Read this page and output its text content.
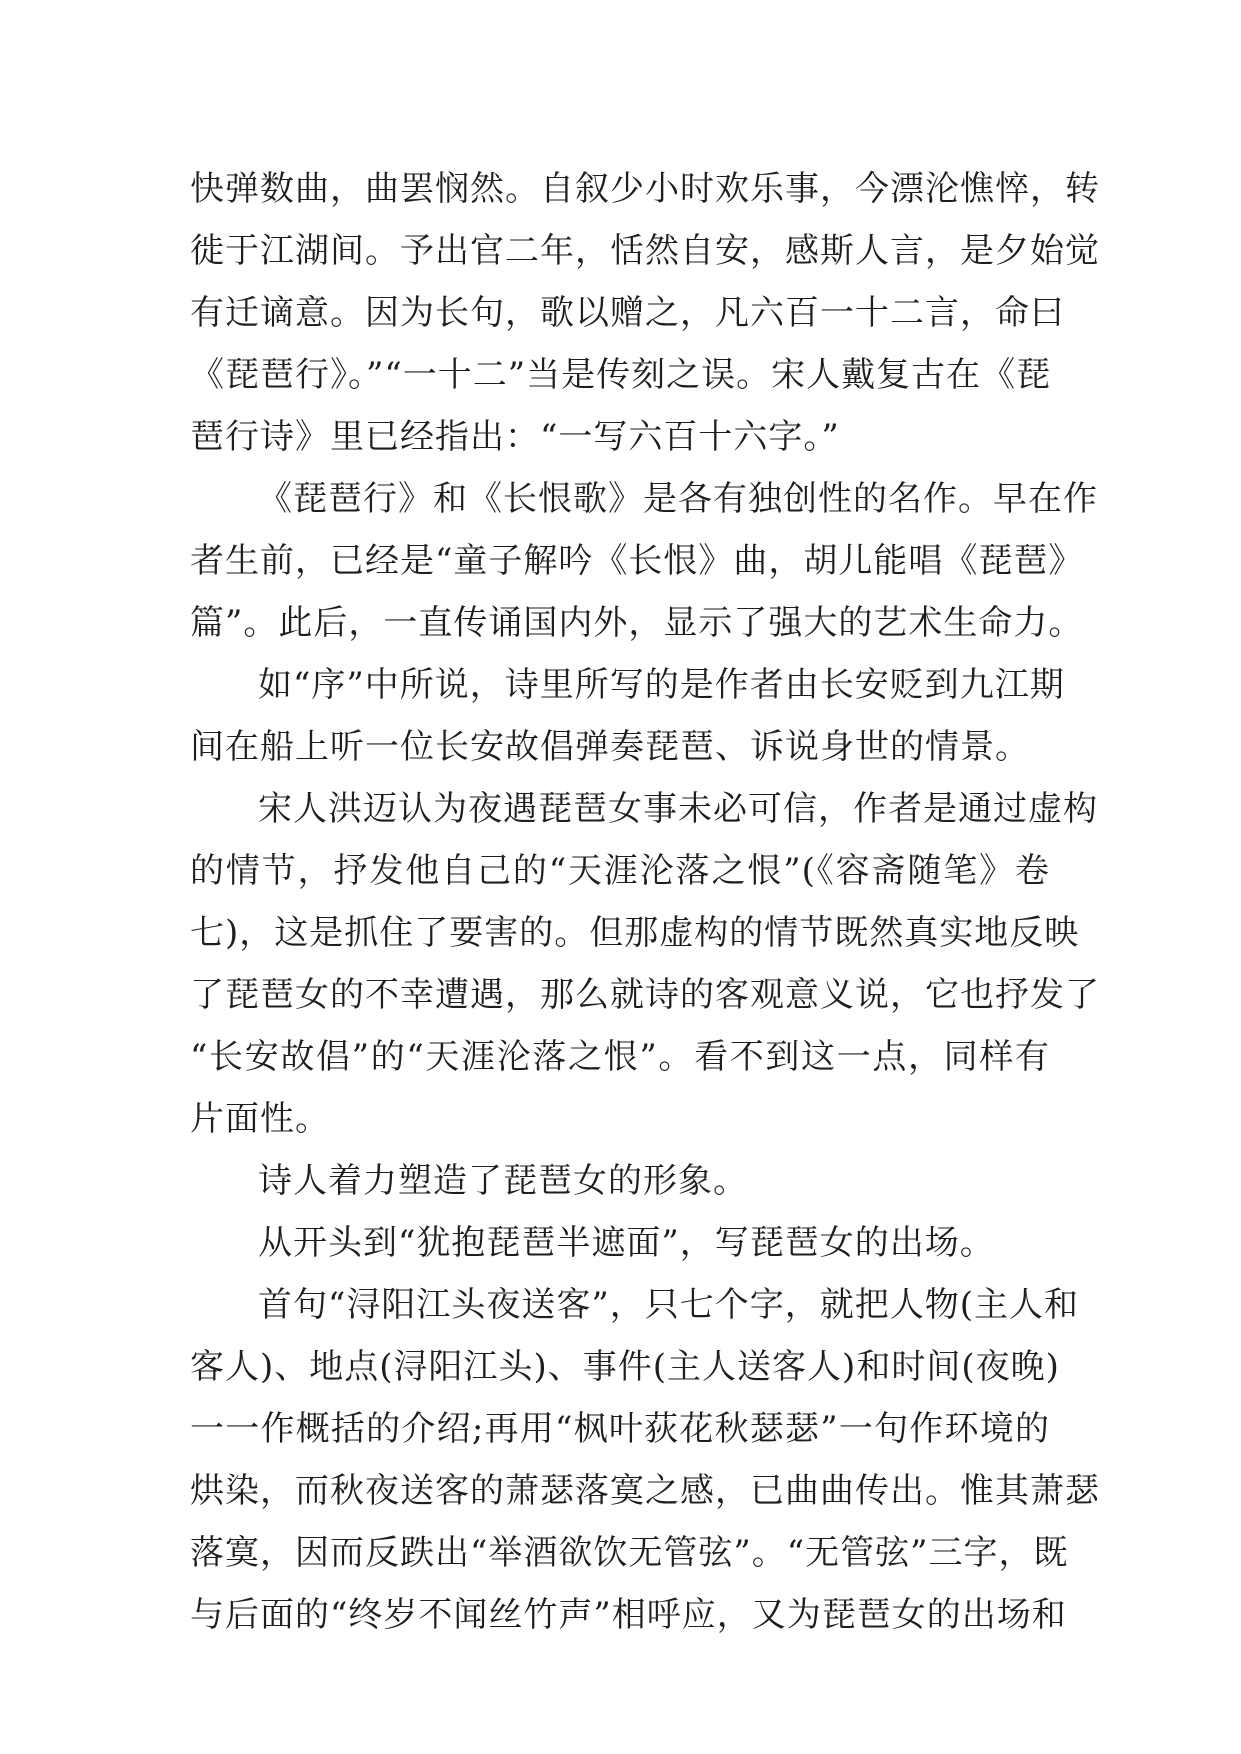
快弹数曲，曲罢悯然。自叙少小时欢乐事，今漂沦憔悴，转
徙于江湖间。予出官二年，恬然自安，感斯人言，是夕始觉
有迁谪意。因为长句，歌以赠之，凡六百一十二言，命曰
《琵琶行》。”“一十二”当是传刻之误。宋人戴复古在《琵
琶行诗》里已经指出：“一写六百十六字。”
《琵琶行》和《长恨歌》是各有独创性的名作。早在作
者生前，已经是“童子解吟《长恨》曲，胡儿能唱《琵琶》
篇”。此后，一直传诵国内外，显示了强大的艺术生命力。
如“序”中所说，诗里所写的是作者由长安贬到九江期
间在船上听一位长安故倡弹奏琵琶、诉说身世的情景。
宋人洪迈认为夜遇琵琶女事未必可信，作者是通过虚构
的情节，抒发他自己的“天涯沦落之恨”(《容斋随笔》卷
七)，这是抓住了要害的。但那虚构的情节既然真实地反映
了琵琶女的不幸遭遇，那么就诗的客观意义说，它也抒发了
“长安故倡”的“天涯沦落之恨”。看不到这一点，同样有
片面性。
诗人着力塑造了琵琶女的形象。
从开头到“犹抱琵琶半遮面”，写琵琶女的出场。
首句“浔阳江头夜送客”，只七个字，就把人物(主人和
客人)、地点(浔阳江头)、事件(主人送客人)和时间(夜晚)
一一作概括的介绍;再用“枫叶荻花秋瑟瑟”一句作环境的
烘染，而秋夜送客的萧瑟落寞之感，已曲曲传出。惟其萧瑟
落寞，因而反跌出“举酒欲饮无管弦”。“无管弦”三字，既
与后面的“终岁不闻丝竹声”相呼应，又为琵琶女的出场和
